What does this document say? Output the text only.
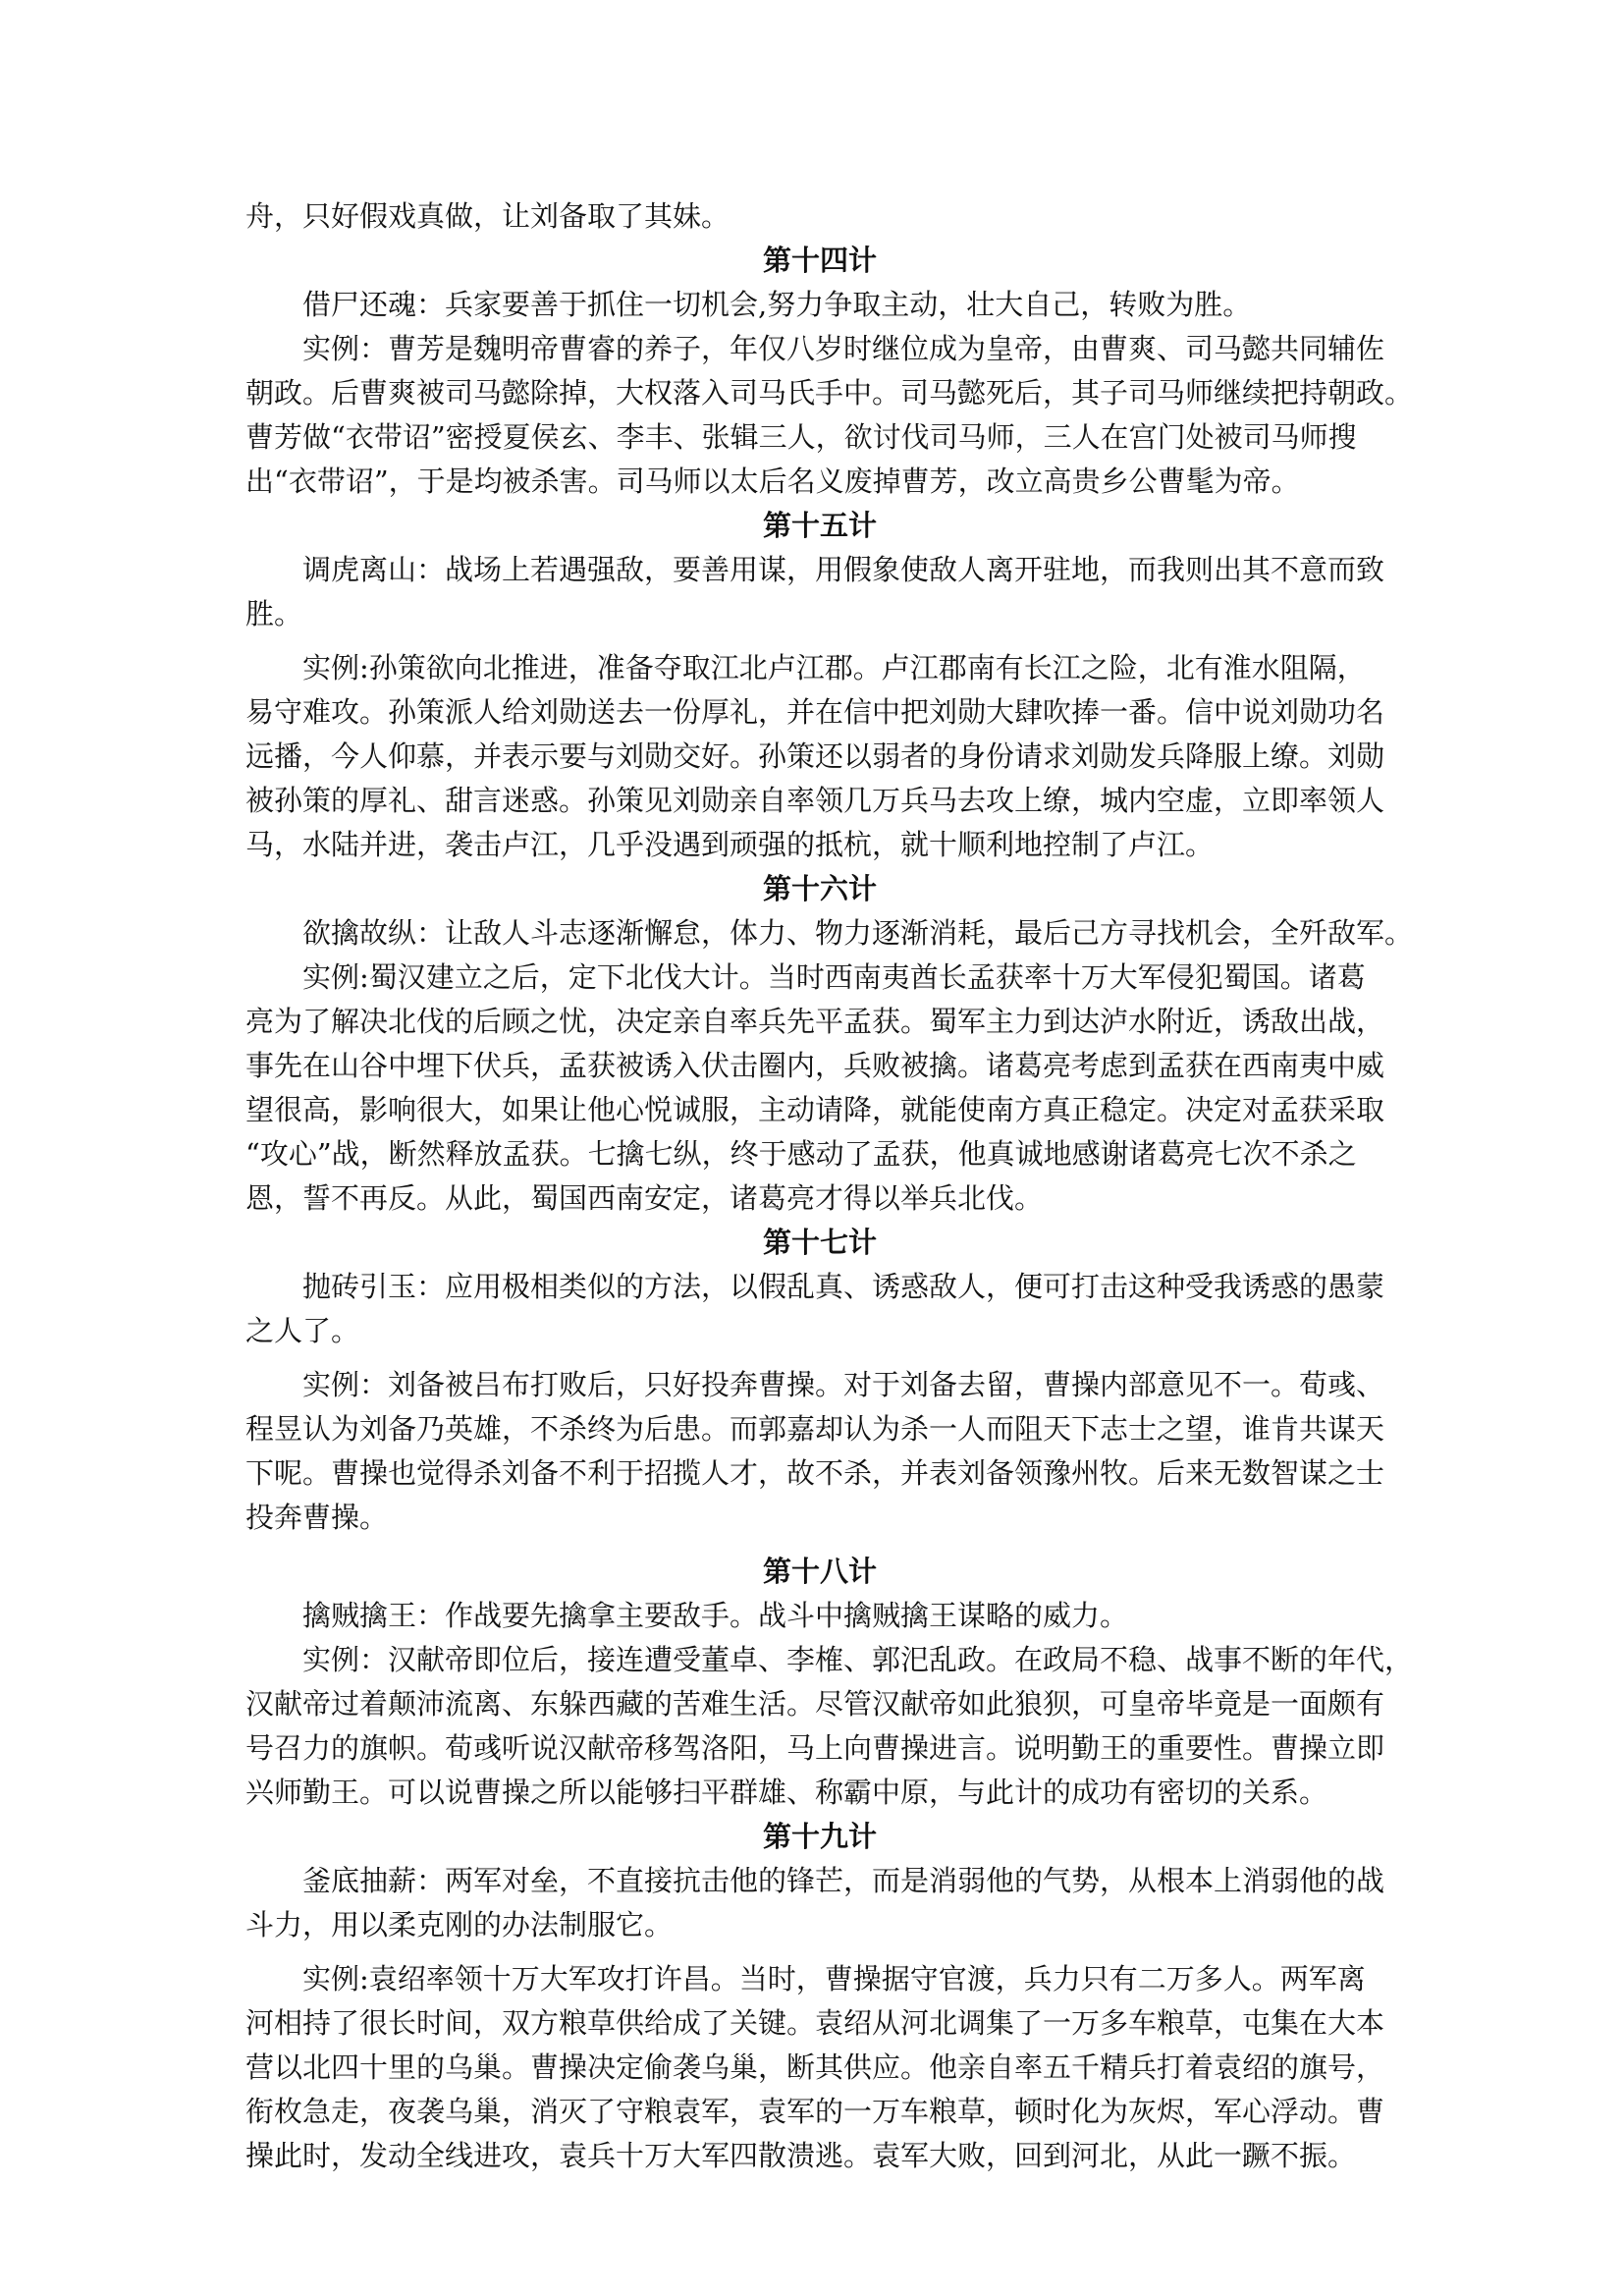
舟，只好假戏真做，让刘备取了其妹。

第十四计

借尸还魂：兵家要善于抓住一切机会,努力争取主动，壮大自己，转败为胜。

实例：曹芳是魏明帝曹睿的养子，年仅八岁时继位成为皇帝，由曹爽、司马懿共同辅佐

朝政。后曹爽被司马懿除掉，大权落入司马氏手中。司马懿死后，其子司马师继续把持朝政。

曹芳做“衣带诏”密授夏侯玄、李丰、张辑三人，欲讨伐司马师，三人在宫门处被司马师搜

出“衣带诏”，于是均被杀害。司马师以太后名义废掉曹芳，改立高贵乡公曹髦为帝。

第十五计

调虎离山：战场上若遇强敌，要善用谋，用假象使敌人离开驻地，而我则出其不意而致

胜。

实例:孙策欲向北推进，准备夺取江北卢江郡。卢江郡南有长江之险，北有淮水阻隔，

易守难攻。孙策派人给刘勋送去一份厚礼，并在信中把刘勋大肆吹捧一番。信中说刘勋功名

远播，今人仰慕，并表示要与刘勋交好。孙策还以弱者的身份请求刘勋发兵降服上缭。刘勋

被孙策的厚礼、甜言迷惑。孙策见刘勋亲自率领几万兵马去攻上缭，城内空虚，立即率领人

马，水陆并进，袭击卢江，几乎没遇到顽强的抵杭，就十顺利地控制了卢江。

第十六计

欲擒故纵：让敌人斗志逐渐懈怠，体力、物力逐渐消耗，最后己方寻找机会，全歼敌军。

实例:蜀汉建立之后，定下北伐大计。当时西南夷酋长孟获率十万大军侵犯蜀国。诸葛

亮为了解决北伐的后顾之忧，决定亲自率兵先平孟获。蜀军主力到达泸水附近，诱敌出战，

事先在山谷中埋下伏兵，孟获被诱入伏击圈内，兵败被擒。诸葛亮考虑到孟获在西南夷中威

望很高，影响很大，如果让他心悦诚服，主动请降，就能使南方真正稳定。决定对孟获采取

“攻心”战，断然释放孟获。七擒七纵，终于感动了孟获，他真诚地感谢诸葛亮七次不杀之

恩，誓不再反。从此，蜀国西南安定，诸葛亮才得以举兵北伐。

第十七计

抛砖引玉：应用极相类似的方法，以假乱真、诱惑敌人，便可打击这种受我诱惑的愚蒙

之人了。

实例：刘备被吕布打败后，只好投奔曹操。对于刘备去留，曹操内部意见不一。荀彧、

程昱认为刘备乃英雄，不杀终为后患。而郭嘉却认为杀一人而阻天下志士之望，谁肯共谋天

下呢。曹操也觉得杀刘备不利于招揽人才，故不杀，并表刘备领豫州牧。后来无数智谋之士

投奔曹操。

第十八计

擒贼擒王：作战要先擒拿主要敌手。战斗中擒贼擒王谋略的威力。

实例：汉献帝即位后，接连遭受董卓、李榷、郭汜乱政。在政局不稳、战事不断的年代，

汉献帝过着颠沛流离、东躲西藏的苦难生活。尽管汉献帝如此狼狈，可皇帝毕竟是一面颇有

号召力的旗帜。荀彧听说汉献帝移驾洛阳，马上向曹操进言。说明勤王的重要性。曹操立即

兴师勤王。可以说曹操之所以能够扫平群雄、称霸中原，与此计的成功有密切的关系。

第十九计

釜底抽薪：两军对垒，不直接抗击他的锋芒，而是消弱他的气势，从根本上消弱他的战

斗力，用以柔克刚的办法制服它。

实例:袁绍率领十万大军攻打许昌。当时，曹操据守官渡，兵力只有二万多人。两军离

河相持了很长时间，双方粮草供给成了关键。袁绍从河北调集了一万多车粮草，屯集在大本

营以北四十里的乌巢。曹操决定偷袭乌巢，断其供应。他亲自率五千精兵打着袁绍的旗号，

衔枚急走，夜袭乌巢，消灭了守粮袁军，袁军的一万车粮草，顿时化为灰烬，军心浮动。曹

操此时，发动全线进攻，袁兵十万大军四散溃逃。袁军大败，回到河北，从此一蹶不振。
